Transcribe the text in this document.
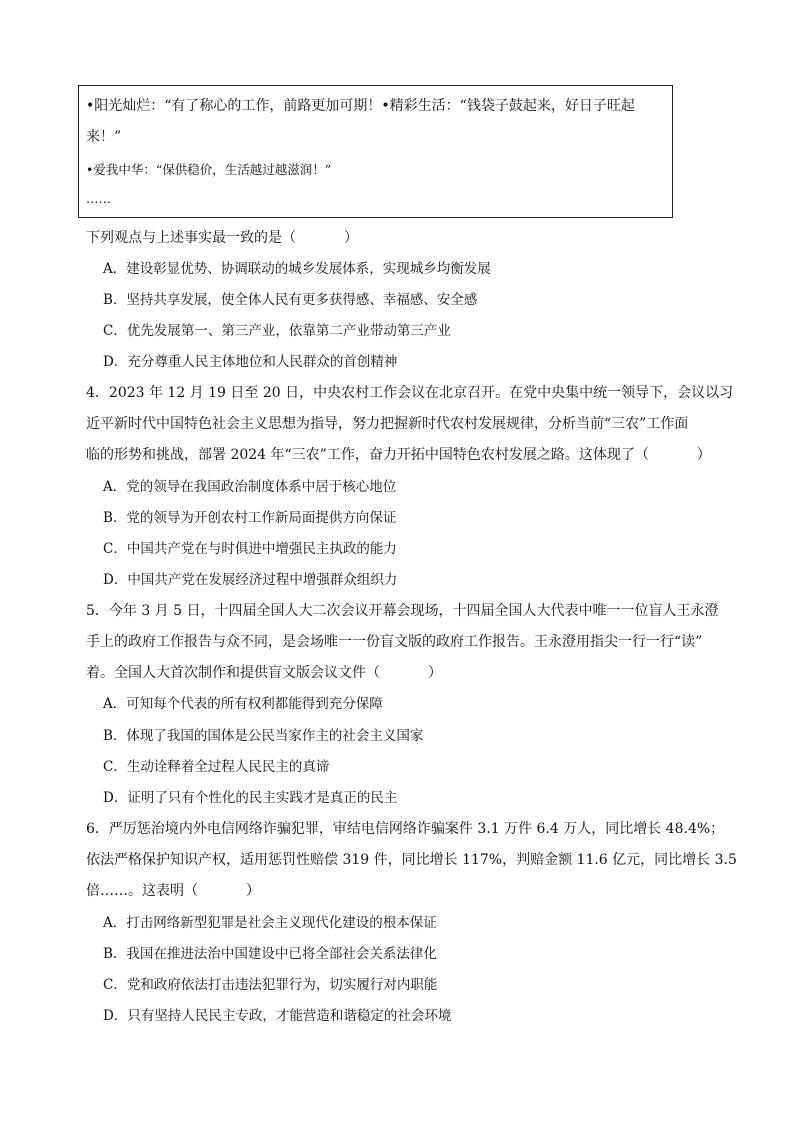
•阳光灿烂：“有了称心的工作，前路更加可期！•精彩生活：“钱袋子鼓起来，好日子旺起
来！”
•爱我中华：“保供稳价，生活越过越滋润！”
……
下列观点与上述事实最一致的是（	）
A．建设彰显优势、协调联动的城乡发展体系，实现城乡均衡发展
B．坚持共享发展，使全体人民有更多获得感、幸福感、安全感
C．优先发展第一、第三产业，依靠第二产业带动第三产业
D．充分尊重人民主体地位和人民群众的首创精神
4．2023 年 12 月 19 日至 20 日，中央农村工作会议在北京召开。在党中央集中统一领导下，会议以习
近平新时代中国特色社会主义思想为指导，努力把握新时代农村发展规律，分析当前“三农”工作面
临的形势和挑战，部署 2024 年“三农”工作，奋力开拓中国特色农村发展之路。这体现了（	）
A．党的领导在我国政治制度体系中居于核心地位
B．党的领导为开创农村工作新局面提供方向保证
C．中国共产党在与时俱进中增强民主执政的能力
D．中国共产党在发展经济过程中增强群众组织力
5．今年 3 月 5 日，十四届全国人大二次会议开幕会现场，十四届全国人大代表中唯一一位盲人王永澄
手上的政府工作报告与众不同，是会场唯一一份盲文版的政府工作报告。王永澄用指尖一行一行“读”
着。全国人大首次制作和提供盲文版会议文件（	）
A．可知每个代表的所有权利都能得到充分保障
B．体现了我国的国体是公民当家作主的社会主义国家
C．生动诠释着全过程人民民主的真谛
D．证明了只有个性化的民主实践才是真正的民主
6．严厉惩治境内外电信网络诈骗犯罪，审结电信网络诈骗案件 3.1 万件 6.4 万人，同比增长 48.4%；
依法严格保护知识产权，适用惩罚性赔偿 319 件，同比增长 117%，判赔金额 11.6 亿元，同比增长 3.5
倍……。这表明（	）
A．打击网络新型犯罪是社会主义现代化建设的根本保证
B．我国在推进法治中国建设中已将全部社会关系法律化
C．党和政府依法打击违法犯罪行为，切实履行对内职能
D．只有坚持人民民主专政，才能营造和谐稳定的社会环境
